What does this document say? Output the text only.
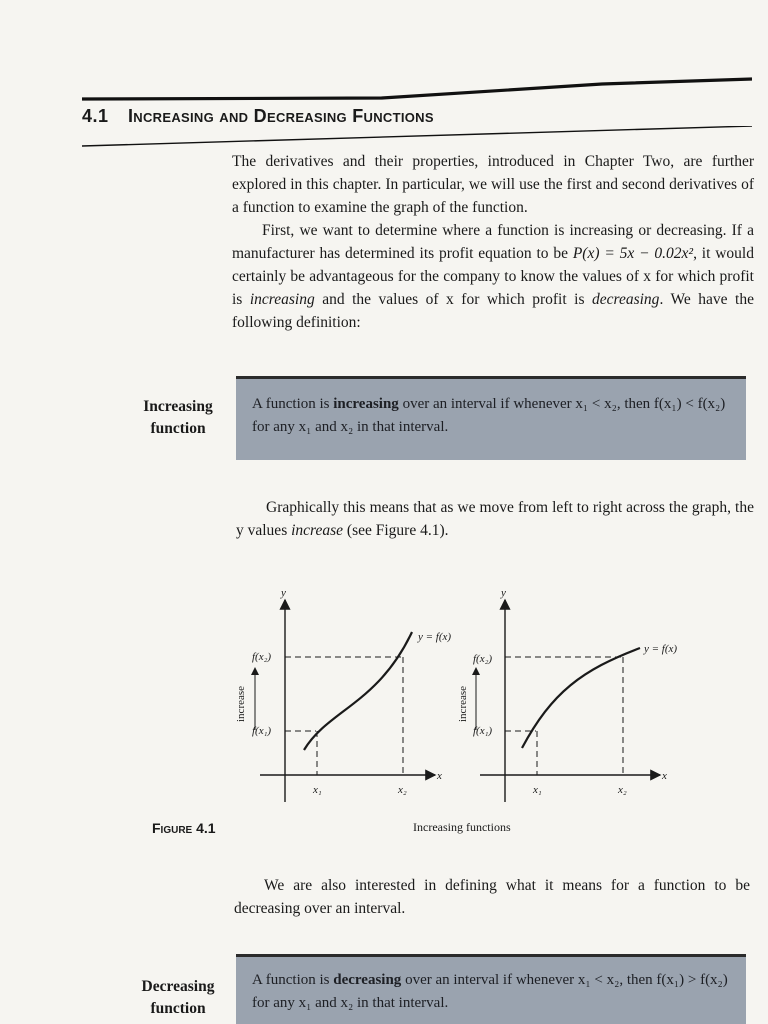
4.1 Increasing and Decreasing Functions

The derivatives and their properties, introduced in Chapter Two, are further explored in this chapter. In particular, we will use the first and second derivatives of a function to examine the graph of the function.

First, we want to determine where a function is increasing or decreasing. If a manufacturer has determined its profit equation to be P(x) = 5x − 0.02x², it would certainly be advantageous for the company to know the values of x for which profit is increasing and the values of x for which profit is decreasing. We have the following definition:

Increasing
function
A function is increasing over an interval if whenever x₁ < x₂, then f(x₁) < f(x₂) for any x₁ and x₂ in that interval.

Graphically this means that as we move from left to right across the graph, the y values increase (see Figure 4.1).

y
x
f(x₂)
f(x₁)
x₁	x₂
y = f(x)
increase
y
x
f(x₂)
f(x₁)
x₁	x₂
y = f(x)
increase
Figure 4.1	Increasing functions

We are also interested in defining what it means for a function to be decreasing over an interval.

Decreasing
function
A function is decreasing over an interval if whenever x₁ < x₂, then f(x₁) > f(x₂) for any x₁ and x₂ in that interval.
